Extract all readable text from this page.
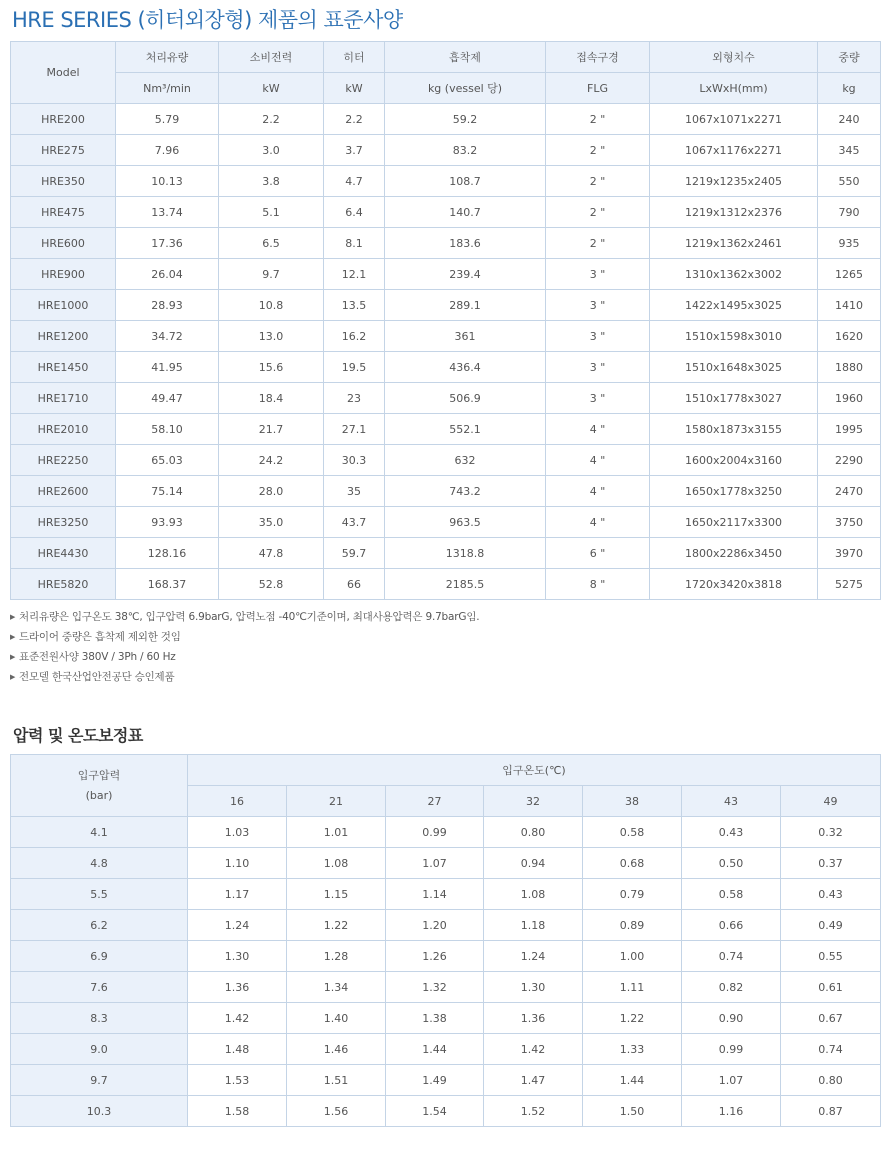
HRE SERIES (히터외장형) 제품의 표준사양
Model	처리유량	소비전력	히터	흡착제	접속구경	외형치수	중량
	Nm³/min	kW	kW	kg (vessel 당)	FLG	LxWxH(mm)	kg
HRE200	5.79	2.2	2.2	59.2	2 "	1067x1071x2271	240
HRE275	7.96	3.0	3.7	83.2	2 "	1067x1176x2271	345
HRE350	10.13	3.8	4.7	108.7	2 "	1219x1235x2405	550
HRE475	13.74	5.1	6.4	140.7	2 "	1219x1312x2376	790
HRE600	17.36	6.5	8.1	183.6	2 "	1219x1362x2461	935
HRE900	26.04	9.7	12.1	239.4	3 "	1310x1362x3002	1265
HRE1000	28.93	10.8	13.5	289.1	3 "	1422x1495x3025	1410
HRE1200	34.72	13.0	16.2	361	3 "	1510x1598x3010	1620
HRE1450	41.95	15.6	19.5	436.4	3 "	1510x1648x3025	1880
HRE1710	49.47	18.4	23	506.9	3 "	1510x1778x3027	1960
HRE2010	58.10	21.7	27.1	552.1	4 "	1580x1873x3155	1995
HRE2250	65.03	24.2	30.3	632	4 "	1600x2004x3160	2290
HRE2600	75.14	28.0	35	743.2	4 "	1650x1778x3250	2470
HRE3250	93.93	35.0	43.7	963.5	4 "	1650x2117x3300	3750
HRE4430	128.16	47.8	59.7	1318.8	6 "	1800x2286x3450	3970
HRE5820	168.37	52.8	66	2185.5	8 "	1720x3420x3818	5275
▶ 처리유량은 입구온도 38℃, 입구압력 6.9barG, 압력노점 -40℃기준이며, 최대사용압력은 9.7barG임.
▶ 드라이어 중량은 흡착제 제외한 것임
▶ 표준전원사양 380V / 3Ph / 60 Hz
▶ 전모델 한국산업안전공단 승인제품
압력 및 온도보정표
입구압력
(bar)	입구온도(℃)						
	16	21	27	32	38	43	49
4.1	1.03	1.01	0.99	0.80	0.58	0.43	0.32
4.8	1.10	1.08	1.07	0.94	0.68	0.50	0.37
5.5	1.17	1.15	1.14	1.08	0.79	0.58	0.43
6.2	1.24	1.22	1.20	1.18	0.89	0.66	0.49
6.9	1.30	1.28	1.26	1.24	1.00	0.74	0.55
7.6	1.36	1.34	1.32	1.30	1.11	0.82	0.61
8.3	1.42	1.40	1.38	1.36	1.22	0.90	0.67
9.0	1.48	1.46	1.44	1.42	1.33	0.99	0.74
9.7	1.53	1.51	1.49	1.47	1.44	1.07	0.80
10.3	1.58	1.56	1.54	1.52	1.50	1.16	0.87
